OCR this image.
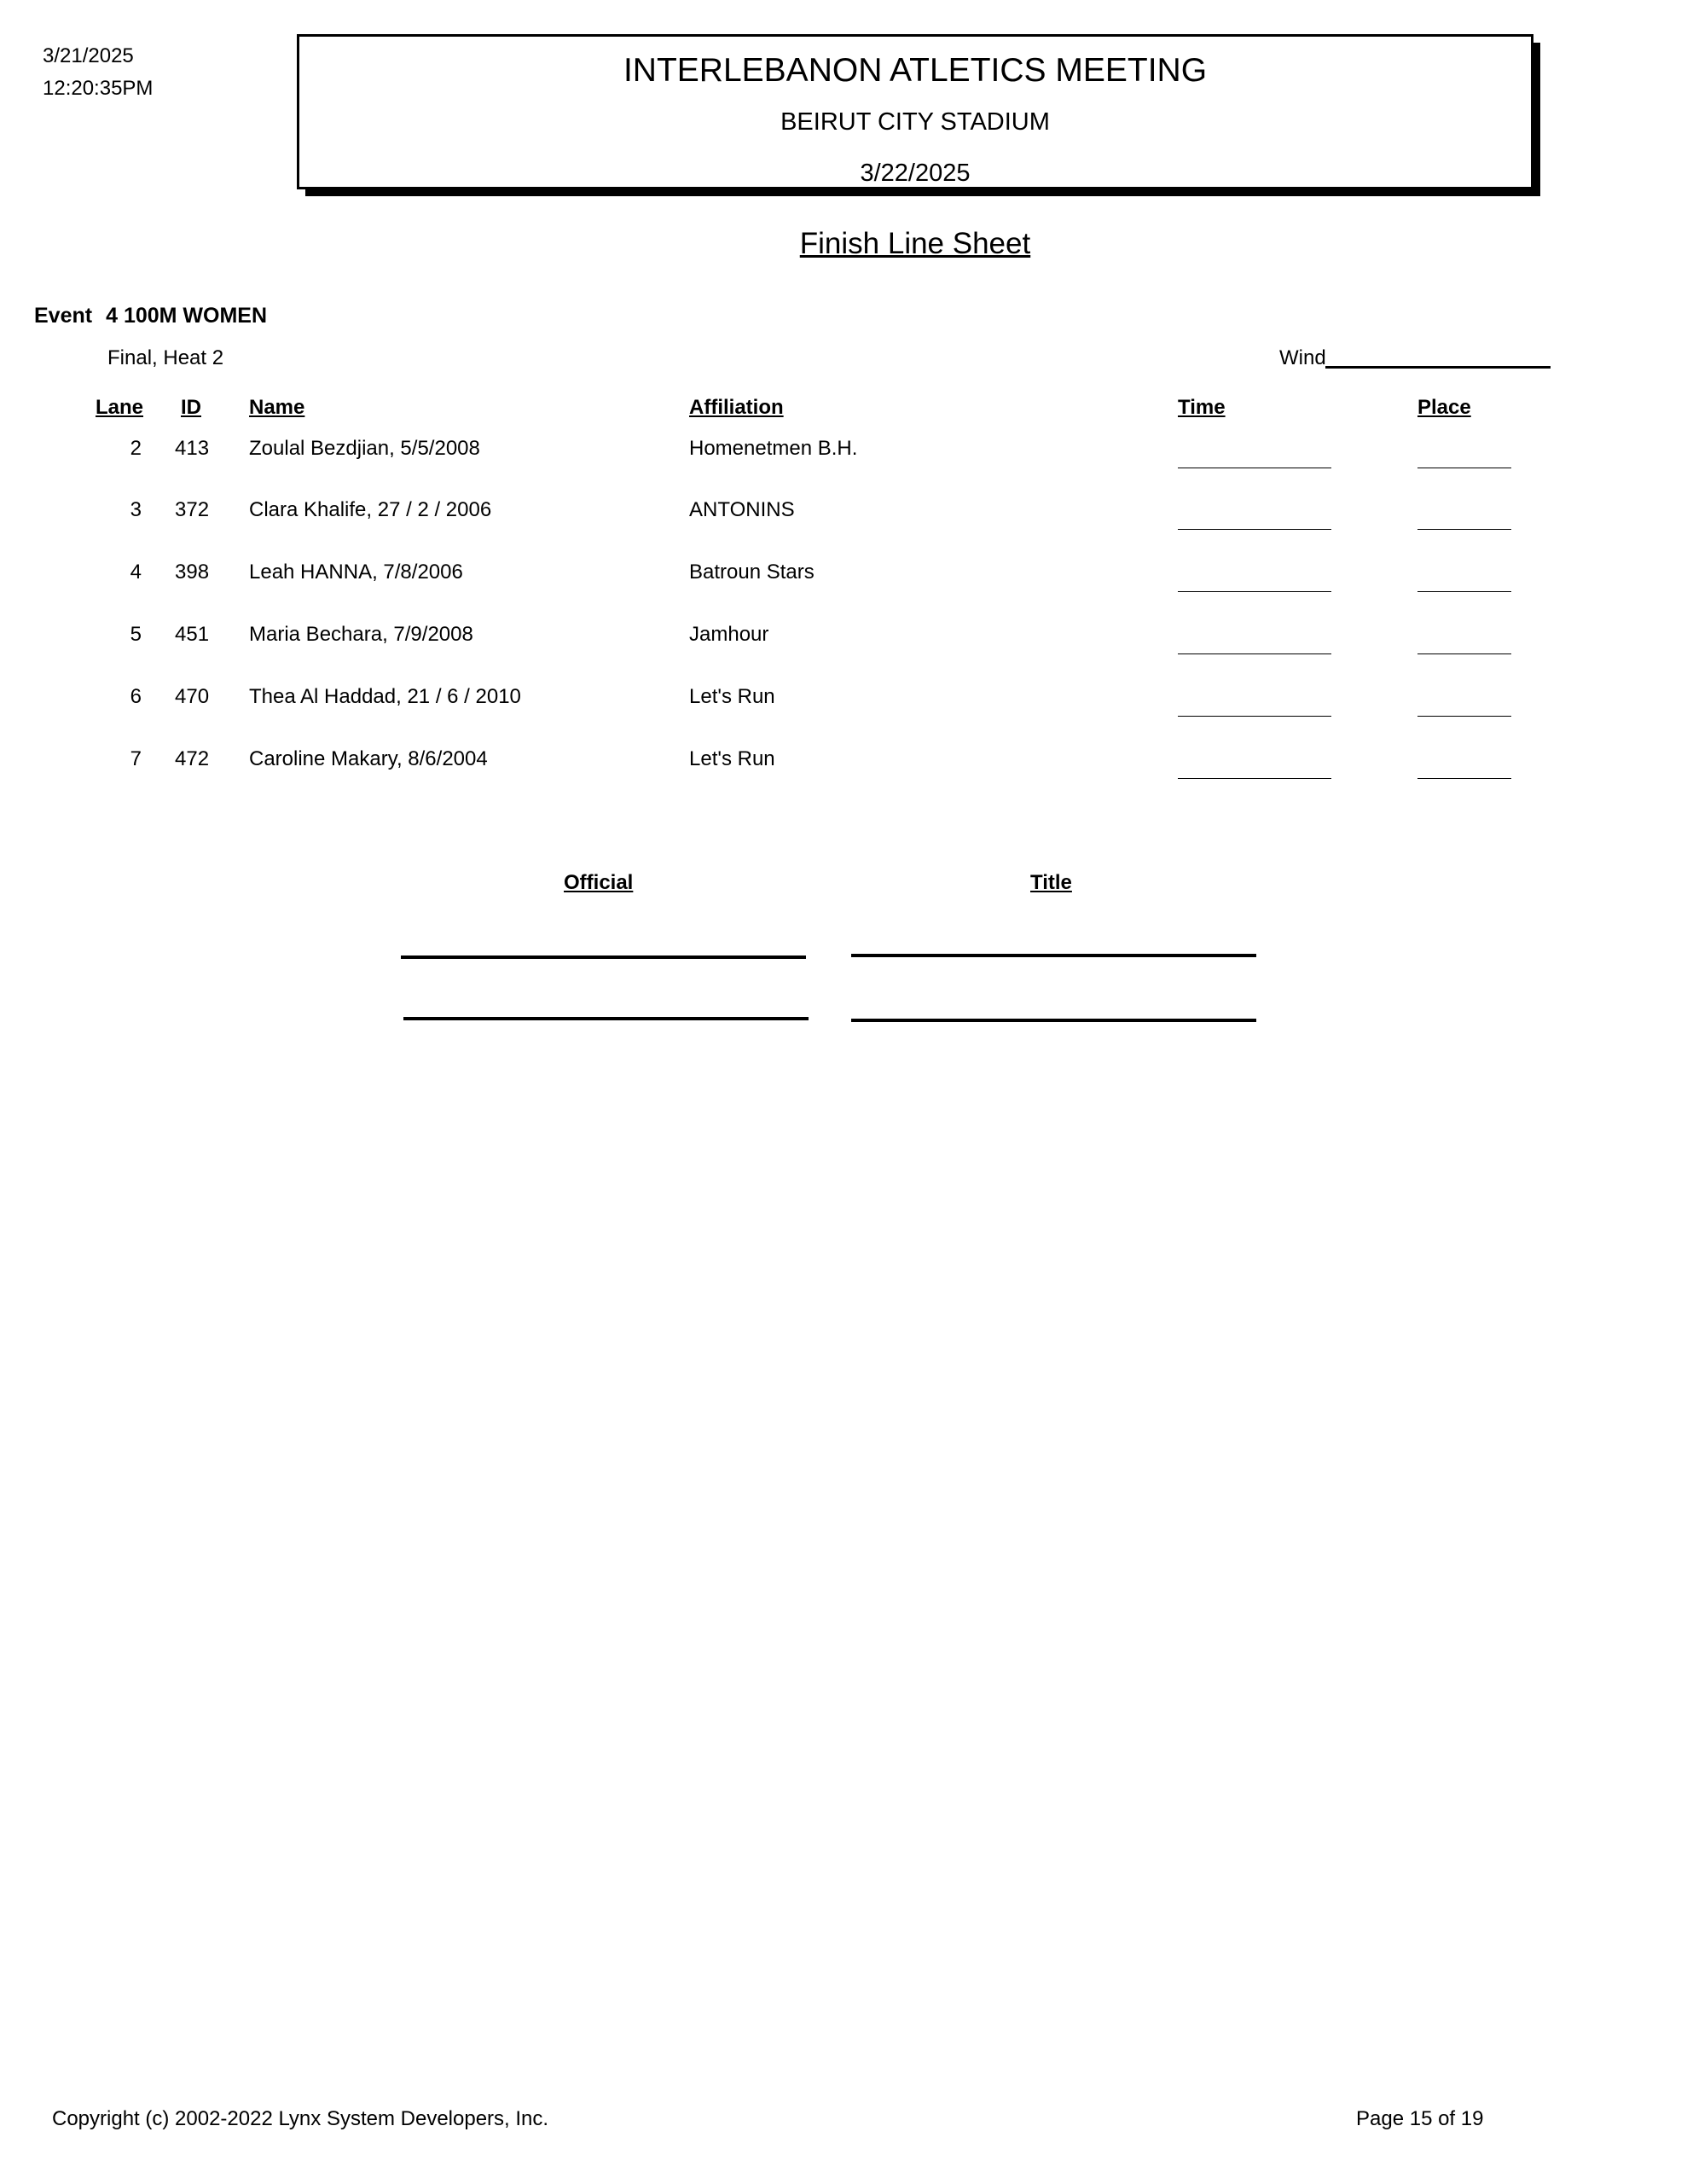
3/21/2025
12:20:35PM	INTERLEBANON ATLETICS MEETING
BEIRUT CITY STADIUM
3/22/2025
Finish Line Sheet
Event 4 100M WOMEN
Final, Heat 2	Wind
Lane ID Name	Affiliation	Time	Place
2 413 Zoulal Bezdjian, 5/5/2008	Homenetmen B.H.
3 372 Clara Khalife, 27 / 2 / 2006	ANTONINS
4 398 Leah HANNA, 7/8/2006	Batroun Stars
5 451 Maria Bechara, 7/9/2008	Jamhour
6 470 Thea Al Haddad, 21 / 6 / 2010	Let's Run
7 472 Caroline Makary, 8/6/2004	Let's Run
Official	Title
Copyright (c) 2002-2022 Lynx System Developers, Inc.	Page 15 of 19
